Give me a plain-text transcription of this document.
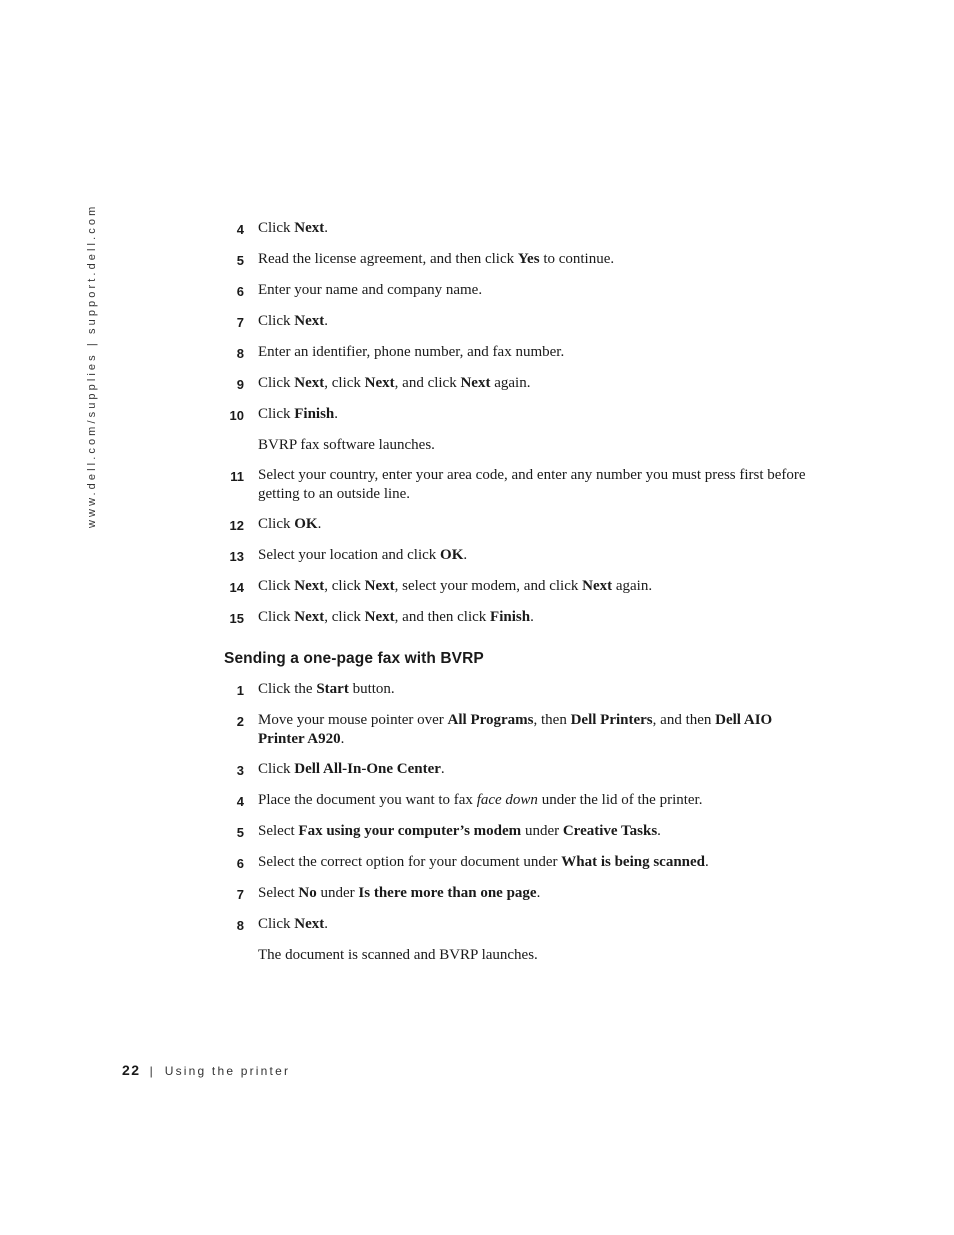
www.dell.com/supplies | support.dell.com	4 Click Next.
5 Read the license agreement, and then click Yes to continue.
6 Enter your name and company name.
7 Click Next.
8 Enter an identifier, phone number, and fax number.
9 Click Next, click Next, and click Next again.
10 Click Finish.
BVRP fax software launches.
11 Select your country, enter your area code, and enter any number you must press first before getting to an outside line.
12 Click OK.
13 Select your location and click OK.
14 Click Next, click Next, select your modem, and click Next again.
15 Click Next, click Next, and then click Finish.
Sending a one-page fax with BVRP
1 Click the Start button.
2 Move your mouse pointer over All Programs, then Dell Printers, and then Dell AIO Printer A920.
3 Click Dell All-In-One Center.
4 Place the document you want to fax face down under the lid of the printer.
5 Select Fax using your computer’s modem under Creative Tasks.
6 Select the correct option for your document under What is being scanned.
7 Select No under Is there more than one page.
8 Click Next.
The document is scanned and BVRP launches.
22 | Using the printer
